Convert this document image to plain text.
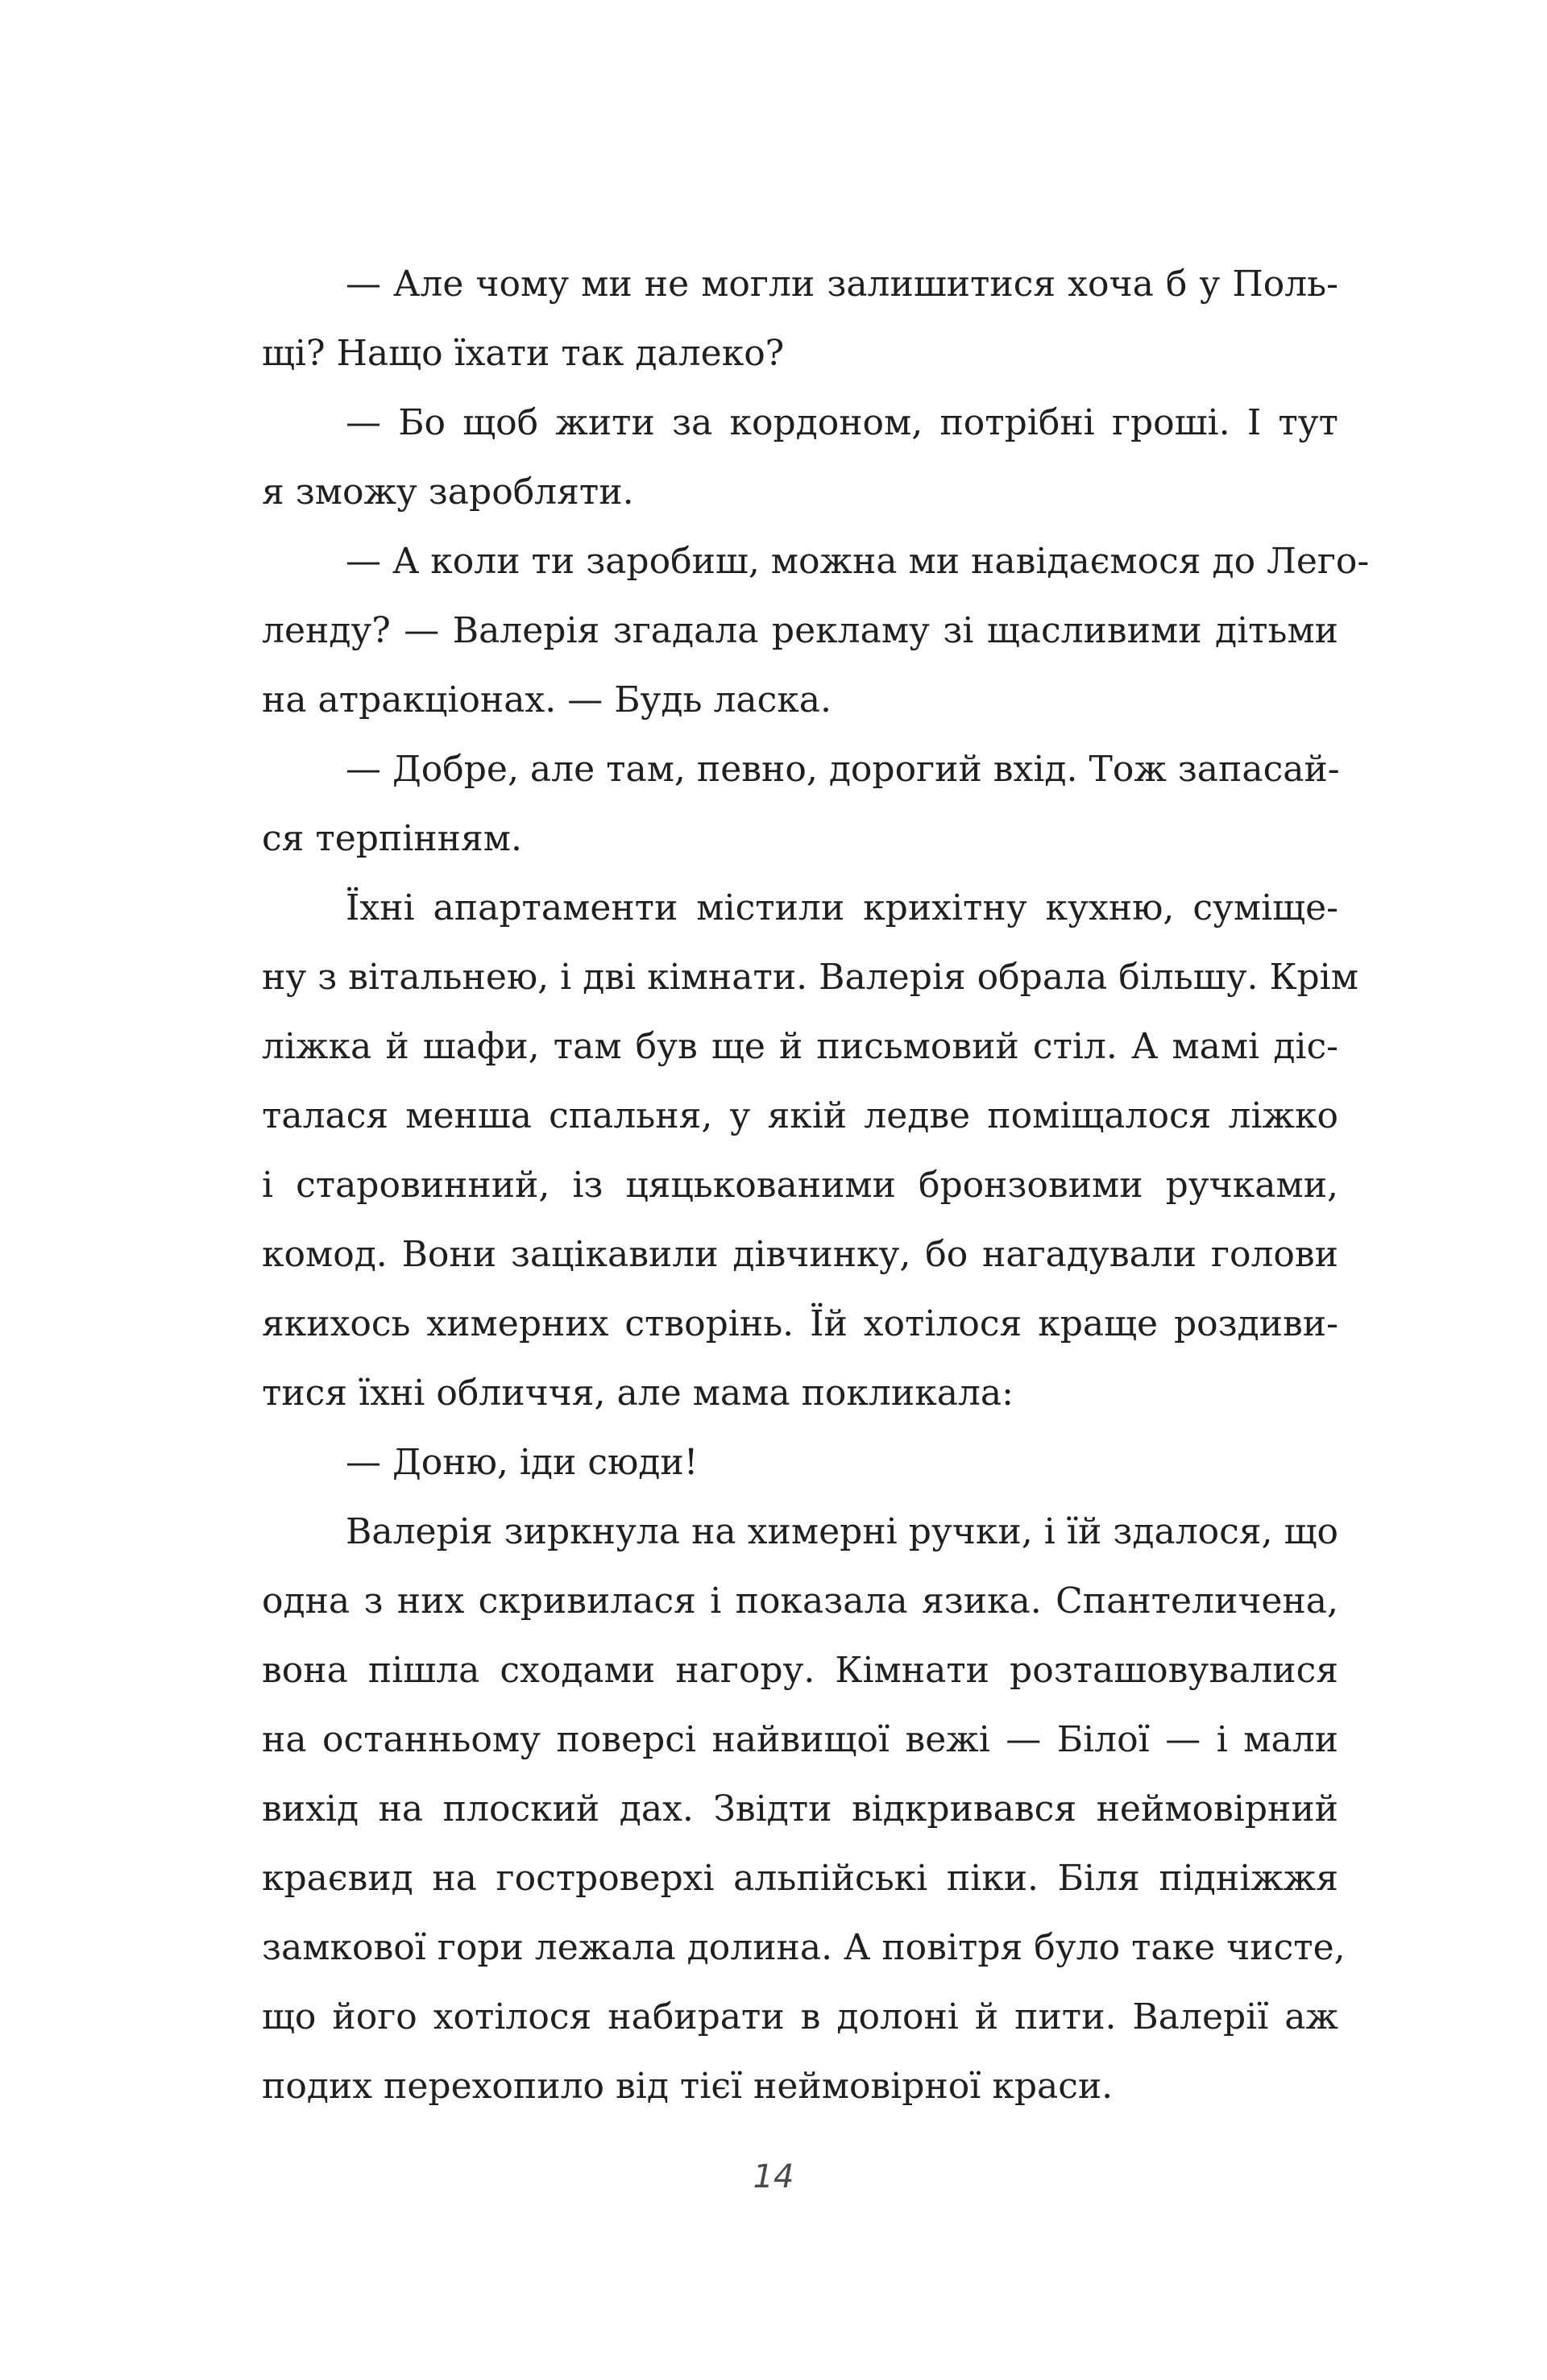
— Але чому ми не могли залишитися хоча б у Поль-
щі? Нащо їхати так далеко?
— Бо щоб жити за кордоном, потрібні гроші. І тут
я зможу заробляти.
— А коли ти заробиш, можна ми навідаємося до Лего-
ленду? — Валерія згадала рекламу зі щасливими дітьми
на атракціонах. — Будь ласка.
— Добре, але там, певно, дорогий вхід. Тож запасай-
ся терпінням.
Їхні апартаменти містили крихітну кухню, суміще-
ну з вітальнею, і дві кімнати. Валерія обрала більшу. Крім
ліжка й шафи, там був ще й письмовий стіл. А мамі діс-
талася менша спальня, у якій ледве поміщалося ліжко
і старовинний, із цяцькованими бронзовими ручками,
комод. Вони зацікавили дівчинку, бо нагадували голови
якихось химерних створінь. Їй хотілося краще роздиви-
тися їхні обличчя, але мама покликала:
— Доню, іди сюди!
Валерія зиркнула на химерні ручки, і їй здалося, що
одна з них скривилася і показала язика. Спантеличена,
вона пішла сходами нагору. Кімнати розташовувалися
на останньому поверсі найвищої вежі — Білої — і мали
вихід на плоский дах. Звідти відкривався неймовірний
краєвид на гостроверхі альпійські піки. Біля підніжжя
замкової гори лежала долина. А повітря було таке чисте,
що його хотілося набирати в долоні й пити. Валерії аж
подих перехопило від тієї неймовірної краси.
14
